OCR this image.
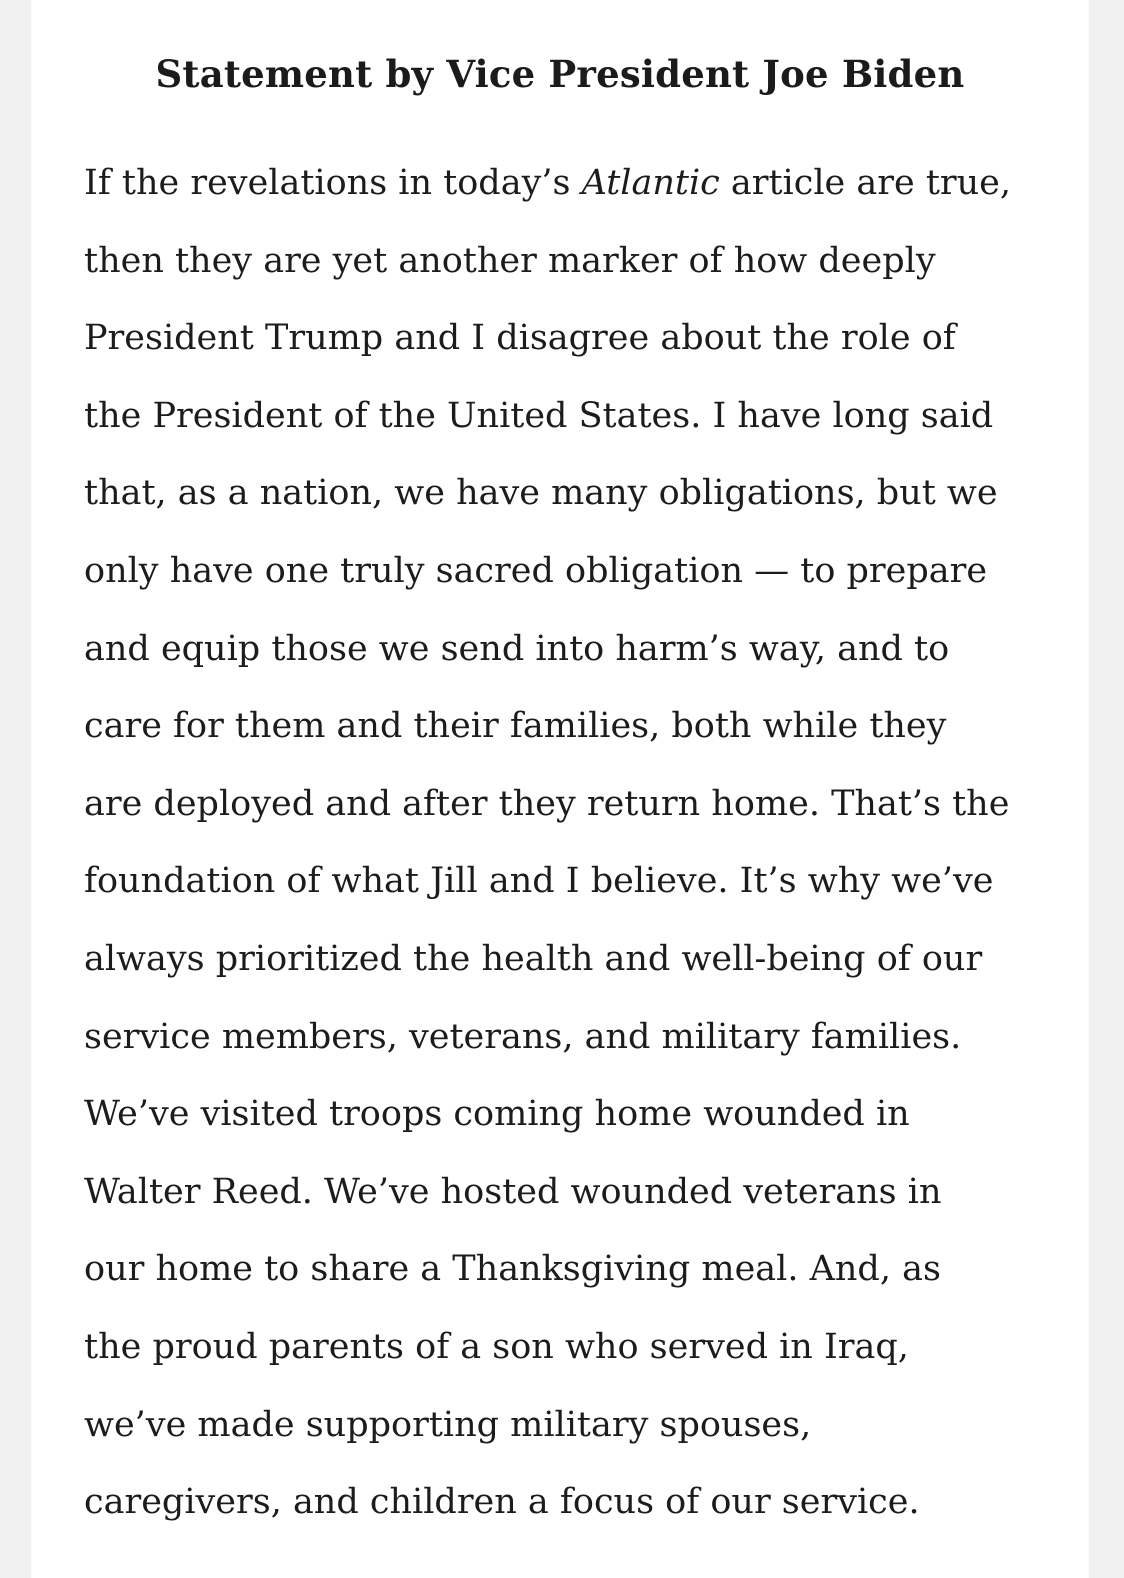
Statement by Vice President Joe Biden
If the revelations in today’s Atlantic article are true,
then they are yet another marker of how deeply
President Trump and I disagree about the role of
the President of the United States. I have long said
that, as a nation, we have many obligations, but we
only have one truly sacred obligation — to prepare
and equip those we send into harm’s way, and to
care for them and their families, both while they
are deployed and after they return home. That’s the
foundation of what Jill and I believe. It’s why we’ve
always prioritized the health and well-being of our
service members, veterans, and military families.
We’ve visited troops coming home wounded in
Walter Reed. We’ve hosted wounded veterans in
our home to share a Thanksgiving meal. And, as
the proud parents of a son who served in Iraq,
we’ve made supporting military spouses,
caregivers, and children a focus of our service.
